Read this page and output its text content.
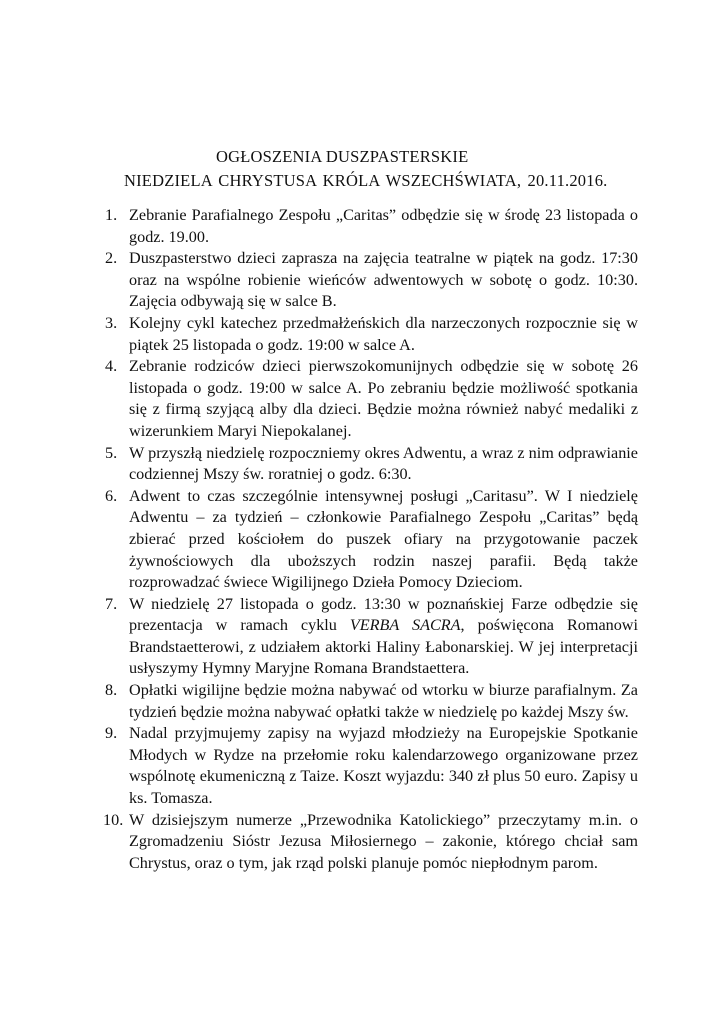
OGŁOSZENIA DUSZPASTERSKIE
NIEDZIELA CHRYSTUSA KRÓLA WSZECHŚWIATA, 20.11.2016.
1. Zebranie Parafialnego Zespołu „Caritas” odbędzie się w środę 23 listopada o godz. 19.00.
2. Duszpasterstwo dzieci zaprasza na zajęcia teatralne w piątek na godz. 17:30 oraz na wspólne robienie wieńców adwentowych w sobotę o godz. 10:30. Zajęcia odbywają się w salce B.
3. Kolejny cykl katechez przedmałżeńskich dla narzeczonych rozpocznie się w piątek 25 listopada o godz. 19:00 w salce A.
4. Zebranie rodziców dzieci pierwszokomunijnych odbędzie się w sobotę 26 listopada o godz. 19:00 w salce A. Po zebraniu będzie możliwość spotkania się z firmą szyjącą alby dla dzieci. Będzie można również nabyć medaliki z wizerunkiem Maryi Niepokalanej.
5. W przyszłą niedzielę rozpoczniemy okres Adwentu, a wraz z nim odprawianie codziennej Mszy św. roratniej o godz. 6:30.
6. Adwent to czas szczególnie intensywnej posługi „Caritasu”. W I niedzielę Adwentu – za tydzień – członkowie Parafialnego Zespołu „Caritas” będą zbierać przed kościołem do puszek ofiary na przygotowanie paczek żywnościowych dla uboższych rodzin naszej parafii. Będą także rozprowadzać świece Wigilijnego Dzieła Pomocy Dzieciom.
7. W niedzielę 27 listopada o godz. 13:30 w poznańskiej Farze odbędzie się prezentacja w ramach cyklu VERBA SACRA, poświęcona Romanowi Brandstaetterowi, z udziałem aktorki Haliny Łabonarskiej. W jej interpretacji usłyszymy Hymny Maryjne Romana Brandstaettera.
8. Opłatki wigilijne będzie można nabywać od wtorku w biurze parafialnym. Za tydzień będzie można nabywać opłatki także w niedzielę po każdej Mszy św.
9. Nadal przyjmujemy zapisy na wyjazd młodzieży na Europejskie Spotkanie Młodych w Rydze na przełomie roku kalendarzowego organizowane przez wspólnotę ekumeniczną z Taize. Koszt wyjazdu: 340 zł plus 50 euro. Zapisy u ks. Tomasza.
10. W dzisiejszym numerze „Przewodnika Katolickiego” przeczytamy m.in. o Zgromadzeniu Sióstr Jezusa Miłosiernego – zakonie, którego chciał sam Chrystus, oraz o tym, jak rząd polski planuje pomóc niepłodnym parom.
